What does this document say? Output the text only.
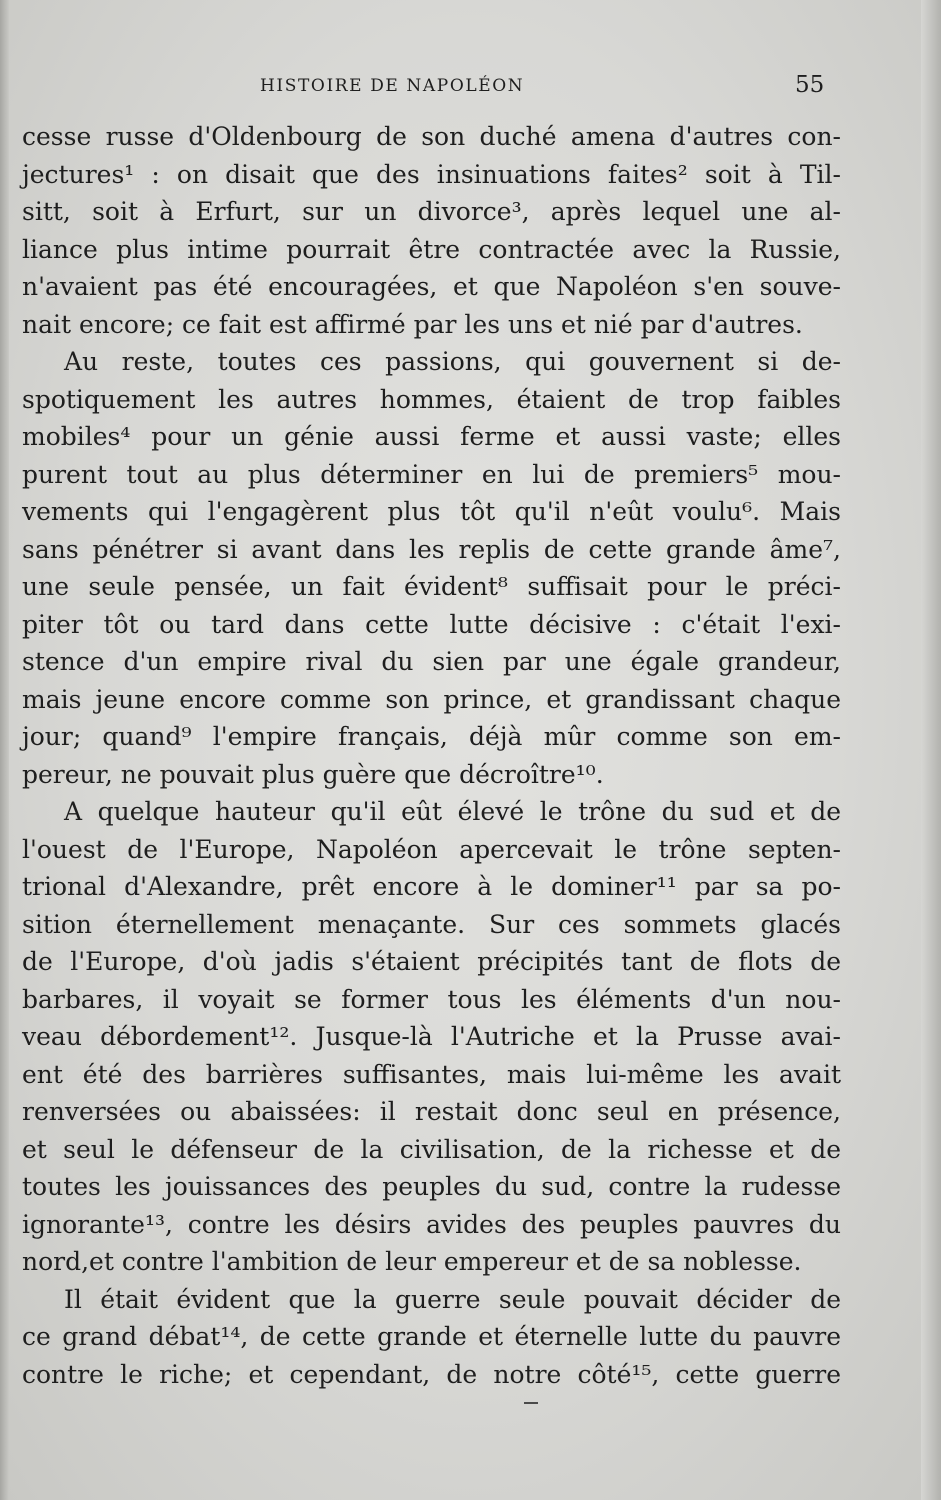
HISTOIRE DE NAPOLÉON	55
cesse russe d'Oldenbourg de son duché amena d'autres con-
jectures¹ : on disait que des insinuations faites² soit à Til-
sitt, soit à Erfurt, sur un divorce³, après lequel une al-
liance plus intime pourrait être contractée avec la Russie,
n'avaient pas été encouragées, et que Napoléon s'en souve-
nait encore; ce fait est affirmé par les uns et nié par d'autres.
Au reste, toutes ces passions, qui gouvernent si de-
spotiquement les autres hommes, étaient de trop faibles
mobiles⁴ pour un génie aussi ferme et aussi vaste; elles
purent tout au plus déterminer en lui de premiers⁵ mou-
vements qui l'engagèrent plus tôt qu'il n'eût voulu⁶. Mais
sans pénétrer si avant dans les replis de cette grande âme⁷,
une seule pensée, un fait évident⁸ suffisait pour le préci-
piter tôt ou tard dans cette lutte décisive : c'était l'exi-
stence d'un empire rival du sien par une égale grandeur,
mais jeune encore comme son prince, et grandissant chaque
jour; quand⁹ l'empire français, déjà mûr comme son em-
pereur, ne pouvait plus guère que décroître¹⁰.
A quelque hauteur qu'il eût élevé le trône du sud et de
l'ouest de l'Europe, Napoléon apercevait le trône septen-
trional d'Alexandre, prêt encore à le dominer¹¹ par sa po-
sition éternellement menaçante. Sur ces sommets glacés
de l'Europe, d'où jadis s'étaient précipités tant de flots de
barbares, il voyait se former tous les éléments d'un nou-
veau débordement¹². Jusque-là l'Autriche et la Prusse avai-
ent été des barrières suffisantes, mais lui-même les avait
renversées ou abaissées: il restait donc seul en présence,
et seul le défenseur de la civilisation, de la richesse et de
toutes les jouissances des peuples du sud, contre la rudesse
ignorante¹³, contre les désirs avides des peuples pauvres du
nord,et contre l'ambition de leur empereur et de sa noblesse.
Il était évident que la guerre seule pouvait décider de
ce grand débat¹⁴, de cette grande et éternelle lutte du pauvre
contre le riche; et cependant, de notre côté¹⁵, cette guerre
